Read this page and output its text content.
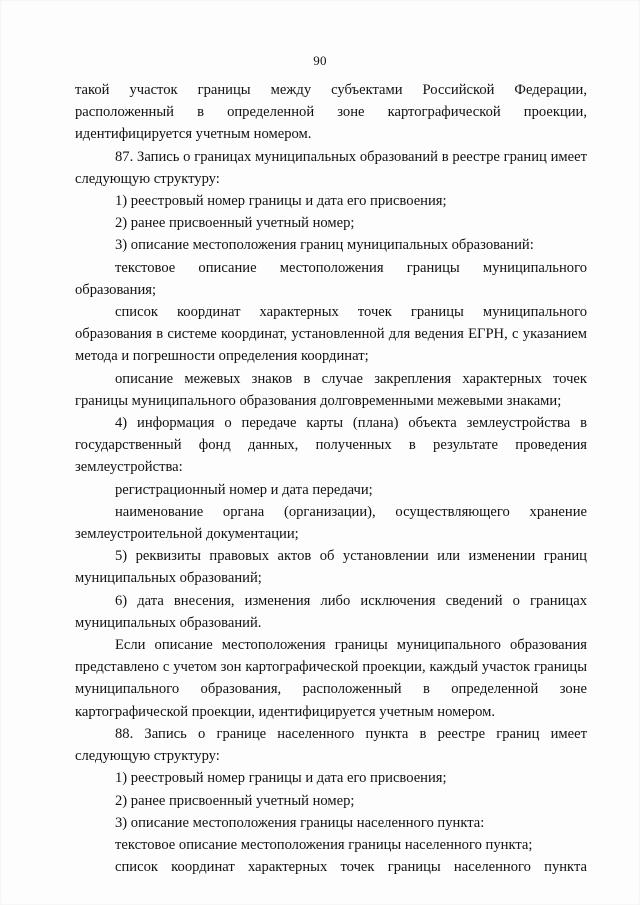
90

такой участок границы между субъектами Российской Федерации, расположенный в определенной зоне картографической проекции, идентифицируется учетным номером.

87. Запись о границах муниципальных образований в реестре границ имеет следующую структуру:

1) реестровый номер границы и дата его присвоения;

2) ранее присвоенный учетный номер;

3) описание местоположения границ муниципальных образований:

текстовое описание местоположения границы муниципального образования;

список координат характерных точек границы муниципального образования в системе координат, установленной для ведения ЕГРН, с указанием метода и погрешности определения координат;

описание межевых знаков в случае закрепления характерных точек границы муниципального образования долговременными межевыми знаками;

4) информация о передаче карты (плана) объекта землеустройства в государственный фонд данных, полученных в результате проведения землеустройства:

регистрационный номер и дата передачи;

наименование органа (организации), осуществляющего хранение землеустроительной документации;

5) реквизиты правовых актов об установлении или изменении границ муниципальных образований;

6) дата внесения, изменения либо исключения сведений о границах муниципальных образований.

Если описание местоположения границы муниципального образования представлено с учетом зон картографической проекции, каждый участок границы муниципального образования, расположенный в определенной зоне картографической проекции, идентифицируется учетным номером.

88. Запись о границе населенного пункта в реестре границ имеет следующую структуру:

1) реестровый номер границы и дата его присвоения;

2) ранее присвоенный учетный номер;

3) описание местоположения границы населенного пункта:

текстовое описание местоположения границы населенного пункта;

список координат характерных точек границы населенного пункта
